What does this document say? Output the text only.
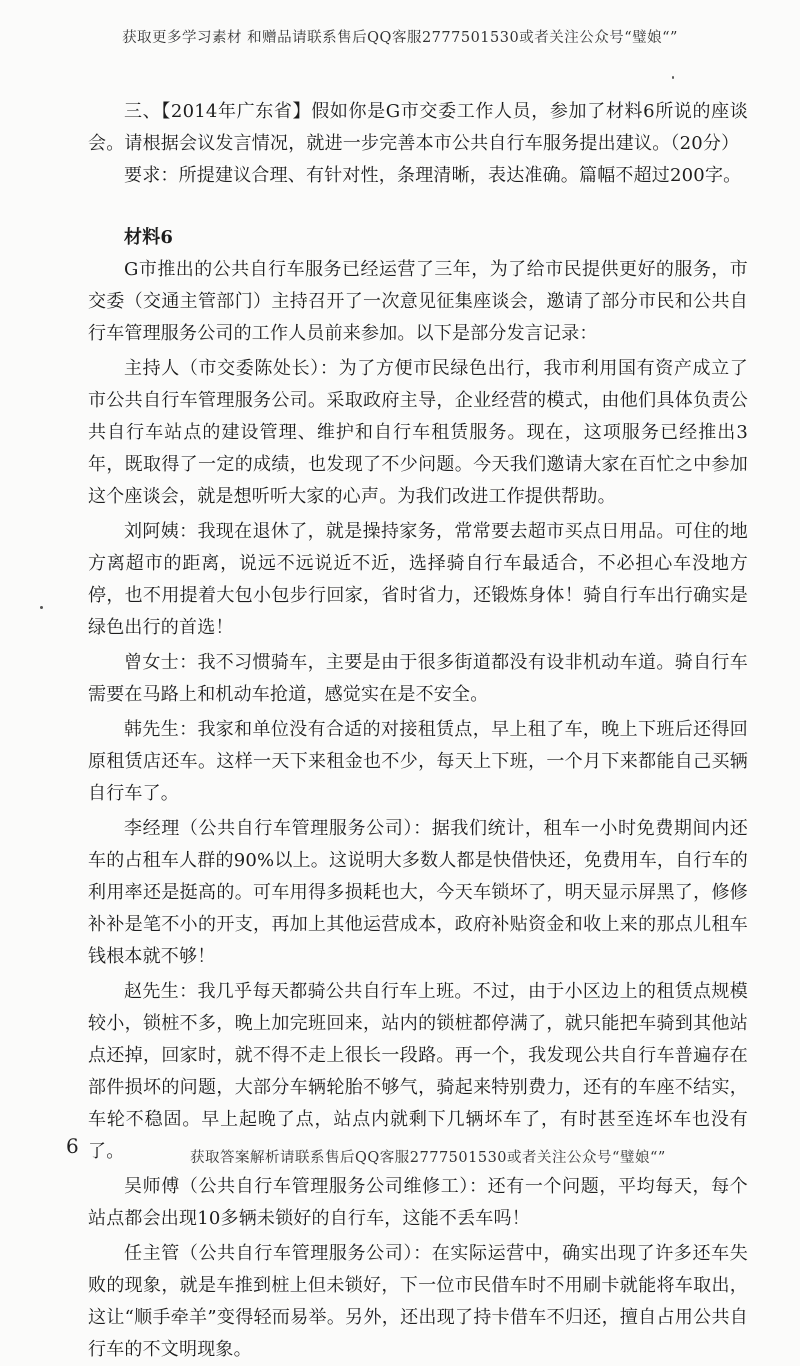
获取更多学习素材 和赠品请联系售后QQ客服2777501530或者关注公众号“璧娘“”

三、【2014年广东省】假如你是G市交委工作人员，参加了材料6所说的座谈会。请根据会议发言情况，就进一步完善本市公共自行车服务提出建议。（20分）

要求：所提建议合理、有针对性，条理清晰，表达准确。篇幅不超过200字。

材料6

G市推出的公共自行车服务已经运营了三年，为了给市民提供更好的服务，市交委（交通主管部门）主持召开了一次意见征集座谈会，邀请了部分市民和公共自行车管理服务公司的工作人员前来参加。以下是部分发言记录：

主持人（市交委陈处长）：为了方便市民绿色出行，我市利用国有资产成立了市公共自行车管理服务公司。采取政府主导，企业经营的模式，由他们具体负责公共自行车站点的建设管理、维护和自行车租赁服务。现在，这项服务已经推出3年，既取得了一定的成绩，也发现了不少问题。今天我们邀请大家在百忙之中参加这个座谈会，就是想听听大家的心声。为我们改进工作提供帮助。

刘阿姨：我现在退休了，就是操持家务，常常要去超市买点日用品。可住的地方离超市的距离，说远不远说近不近，选择骑自行车最适合，不必担心车没地方停，也不用提着大包小包步行回家，省时省力，还锻炼身体！骑自行车出行确实是绿色出行的首选！

曾女士：我不习惯骑车，主要是由于很多街道都没有设非机动车道。骑自行车需要在马路上和机动车抢道，感觉实在是不安全。

韩先生：我家和单位没有合适的对接租赁点，早上租了车，晚上下班后还得回原租赁店还车。这样一天下来租金也不少，每天上下班，一个月下来都能自己买辆自行车了。

李经理（公共自行车管理服务公司）：据我们统计，租车一小时免费期间内还车的占租车人群的90%以上。这说明大多数人都是快借快还，免费用车，自行车的利用率还是挺高的。可车用得多损耗也大，今天车锁坏了，明天显示屏黑了，修修补补是笔不小的开支，再加上其他运营成本，政府补贴资金和收上来的那点儿租车钱根本就不够！

赵先生：我几乎每天都骑公共自行车上班。不过，由于小区边上的租赁点规模较小，锁桩不多，晚上加完班回来，站内的锁桩都停满了，就只能把车骑到其他站点还掉，回家时，就不得不走上很长一段路。再一个，我发现公共自行车普遍存在部件损坏的问题，大部分车辆轮胎不够气，骑起来特别费力，还有的车座不结实，车轮不稳固。早上起晚了点，站点内就剩下几辆坏车了，有时甚至连坏车也没有了。

吴师傅（公共自行车管理服务公司维修工）：还有一个问题，平均每天，每个站点都会出现10多辆未锁好的自行车，这能不丢车吗！

任主管（公共自行车管理服务公司）：在实际运营中，确实出现了许多还车失败的现象，就是车推到桩上但未锁好，下一位市民借车时不用刷卡就能将车取出，这让“顺手牵羊”变得轻而易举。另外，还出现了持卡借车不归还，擅自占用公共自行车的不文明现象。

6	获取答案解析请联系售后QQ客服2777501530或者关注公众号“璧娘“”
